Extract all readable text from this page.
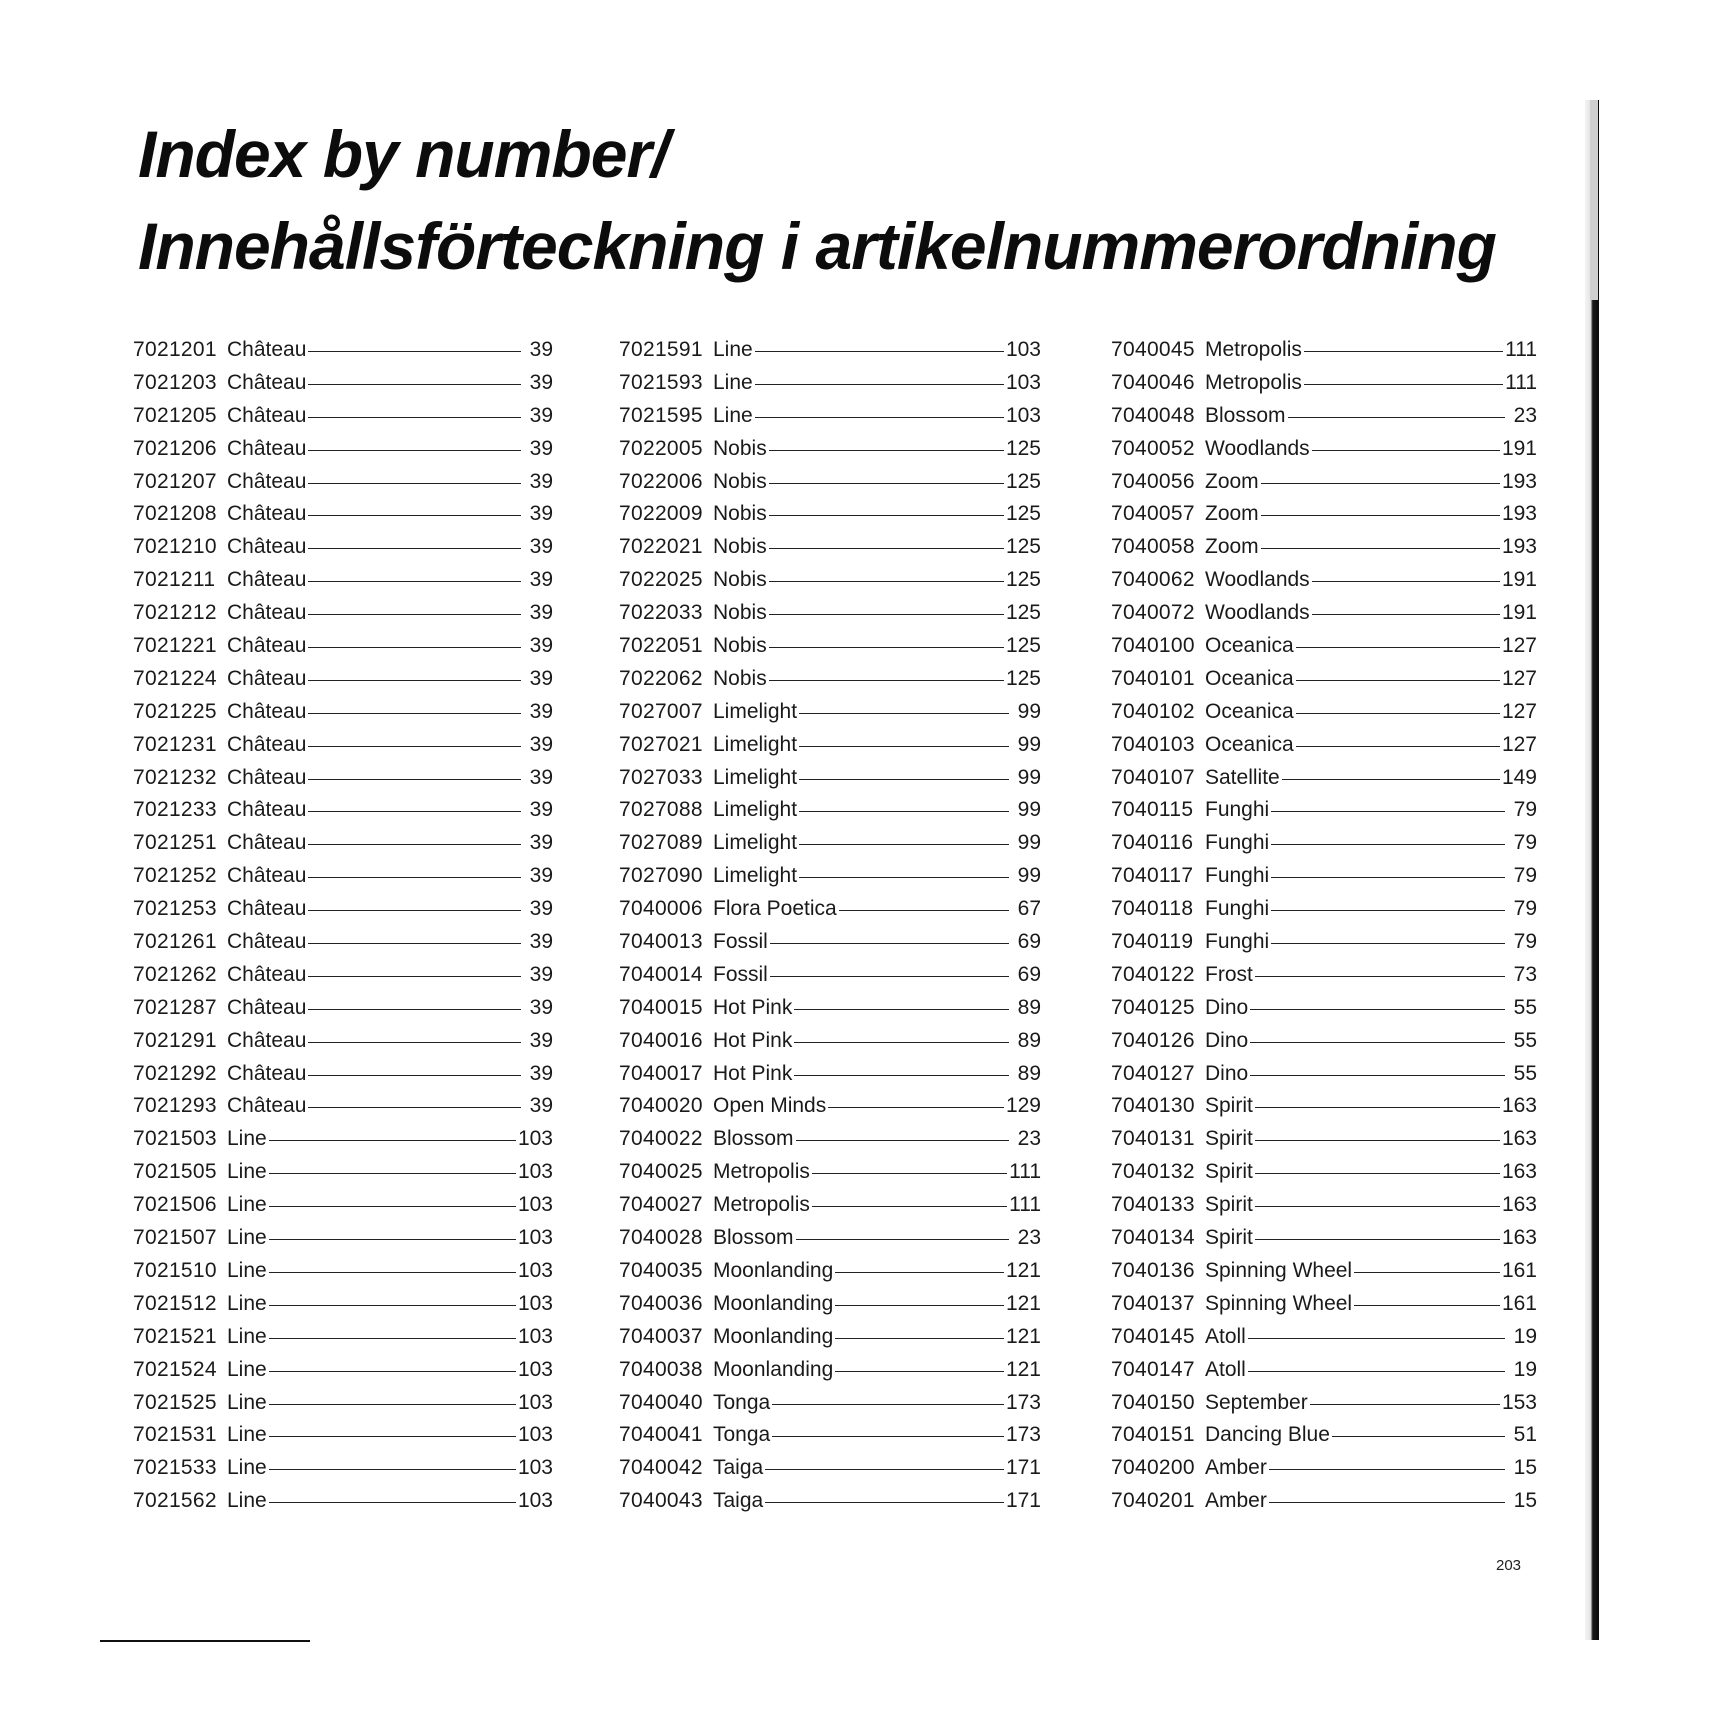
Index by number/
Innehållsförteckning i artikelnummerordning
7021201 Château	39
7021203 Château	39
7021205 Château	39
7021206 Château	39
7021207 Château	39
7021208 Château	39
7021210 Château	39
7021211 Château	39
7021212 Château	39
7021221 Château	39
7021224 Château	39
7021225 Château	39
7021231 Château	39
7021232 Château	39
7021233 Château	39
7021251 Château	39
7021252 Château	39
7021253 Château	39
7021261 Château	39
7021262 Château	39
7021287 Château	39
7021291 Château	39
7021292 Château	39
7021293 Château	39
7021503 Line	103
7021505 Line	103
7021506 Line	103
7021507 Line	103
7021510 Line	103
7021512 Line	103
7021521 Line	103
7021524 Line	103
7021525 Line	103
7021531 Line	103
7021533 Line	103
7021562 Line	103
7021591 Line	103
7021593 Line	103
7021595 Line	103
7022005 Nobis	125
7022006 Nobis	125
7022009 Nobis	125
7022021 Nobis	125
7022025 Nobis	125
7022033 Nobis	125
7022051 Nobis	125
7022062 Nobis	125
7027007 Limelight	99
7027021 Limelight	99
7027033 Limelight	99
7027088 Limelight	99
7027089 Limelight	99
7027090 Limelight	99
7040006 Flora Poetica	67
7040013 Fossil	69
7040014 Fossil	69
7040015 Hot Pink	89
7040016 Hot Pink	89
7040017 Hot Pink	89
7040020 Open Minds	129
7040022 Blossom	23
7040025 Metropolis	111
7040027 Metropolis	111
7040028 Blossom	23
7040035 Moonlanding	121
7040036 Moonlanding	121
7040037 Moonlanding	121
7040038 Moonlanding	121
7040040 Tonga	173
7040041 Tonga	173
7040042 Taiga	171
7040043 Taiga	171
7040045 Metropolis	111
7040046 Metropolis	111
7040048 Blossom	23
7040052 Woodlands	191
7040056 Zoom	193
7040057 Zoom	193
7040058 Zoom	193
7040062 Woodlands	191
7040072 Woodlands	191
7040100 Oceanica	127
7040101 Oceanica	127
7040102 Oceanica	127
7040103 Oceanica	127
7040107 Satellite	149
7040115 Funghi	79
7040116 Funghi	79
7040117 Funghi	79
7040118 Funghi	79
7040119 Funghi	79
7040122 Frost	73
7040125 Dino	55
7040126 Dino	55
7040127 Dino	55
7040130 Spirit	163
7040131 Spirit	163
7040132 Spirit	163
7040133 Spirit	163
7040134 Spirit	163
7040136 Spinning Wheel	161
7040137 Spinning Wheel	161
7040145 Atoll	19
7040147 Atoll	19
7040150 September	153
7040151 Dancing Blue	51
7040200 Amber	15
7040201 Amber	15
203
